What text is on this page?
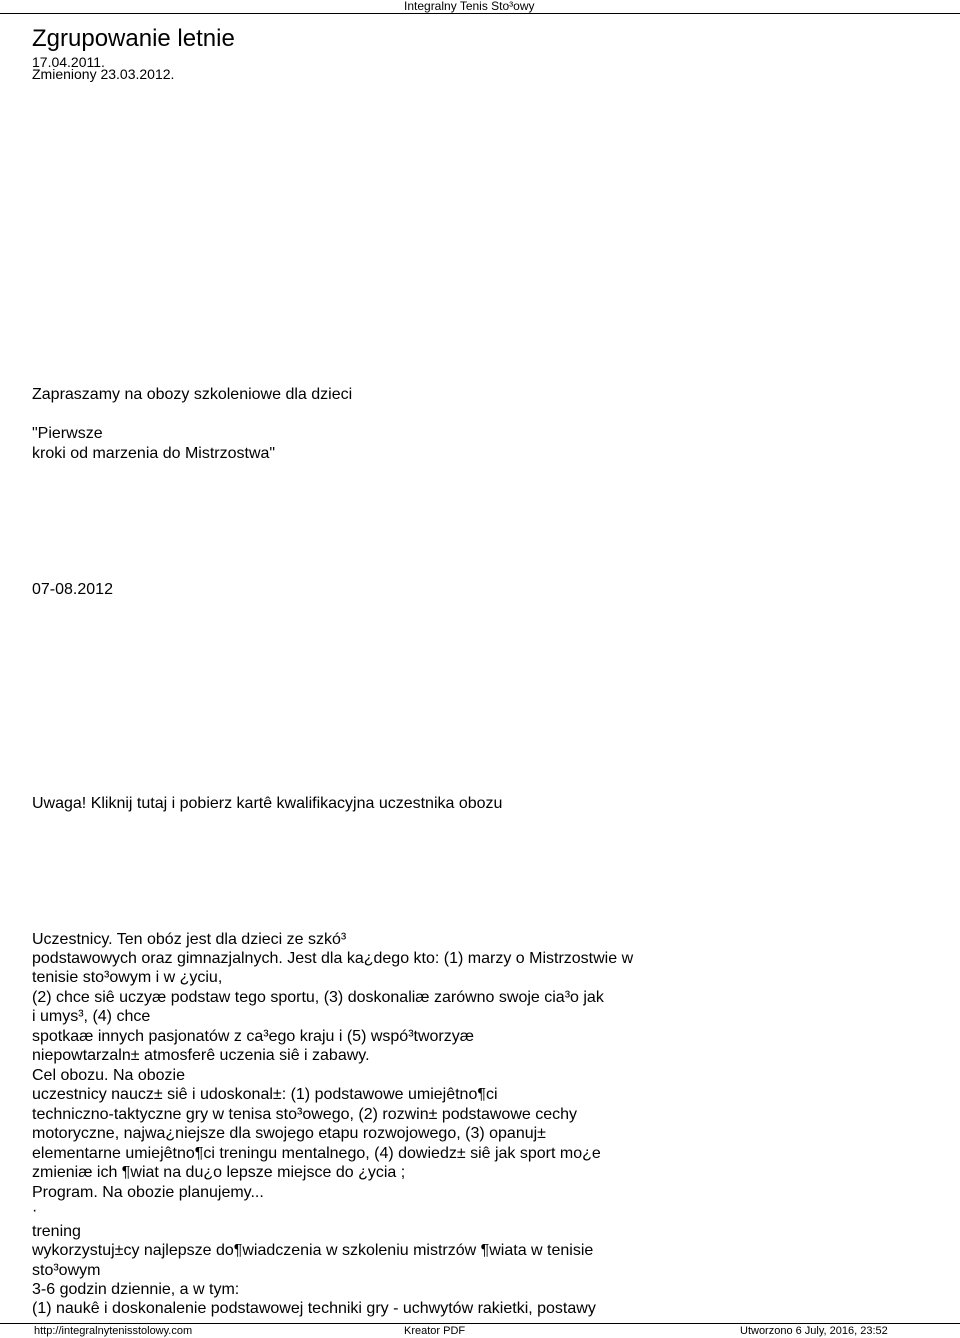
Integralny Tenis Sto³owy
Zgrupowanie letnie
17.04.2011.
Zmieniony 23.03.2012.
Zapraszamy na obozy szkoleniowe dla dzieci
"Pierwsze
kroki od marzenia do Mistrzostwa"
07-08.2012
Uwaga! Kliknij tutaj i pobierz kartê kwalifikacyjna uczestnika obozu
Uczestnicy. Ten obóz jest dla dzieci ze szkó³
podstawowych oraz gimnazjalnych. Jest dla ka¿dego kto: (1) marzy o Mistrzostwie w
tenisie sto³owym i w ¿yciu,
(2) chce siê uczyæ podstaw tego sportu, (3) doskonaliæ zarówno swoje cia³o jak
i umys³, (4) chce
spotkaæ innych pasjonatów z ca³ego kraju i (5) wspó³tworzyæ
niepowtarzaln± atmosferê uczenia siê i zabawy.
Cel obozu. Na obozie
uczestnicy naucz± siê i udoskonal±: (1) podstawowe umiejêtno¶ci
techniczno-taktyczne gry w tenisa sto³owego, (2) rozwin± podstawowe cechy
motoryczne, najwa¿niejsze dla swojego etapu rozwojowego, (3) opanuj±
elementarne umiejêtno¶ci treningu mentalnego, (4) dowiedz± siê jak sport mo¿e
zmieniæ ich ¶wiat na du¿o lepsze miejsce do ¿ycia ;
Program. Na obozie planujemy...
·
trening
wykorzystuj±cy najlepsze do¶wiadczenia w szkoleniu mistrzów ¶wiata w tenisie
sto³owym
3-6 godzin dziennie, a w tym:
(1) naukê i doskonalenie podstawowej techniki gry - uchwytów rakietki, postawy
http://integralnytenisstolowy.com	Kreator PDF	Utworzono 6 July, 2016, 23:52
